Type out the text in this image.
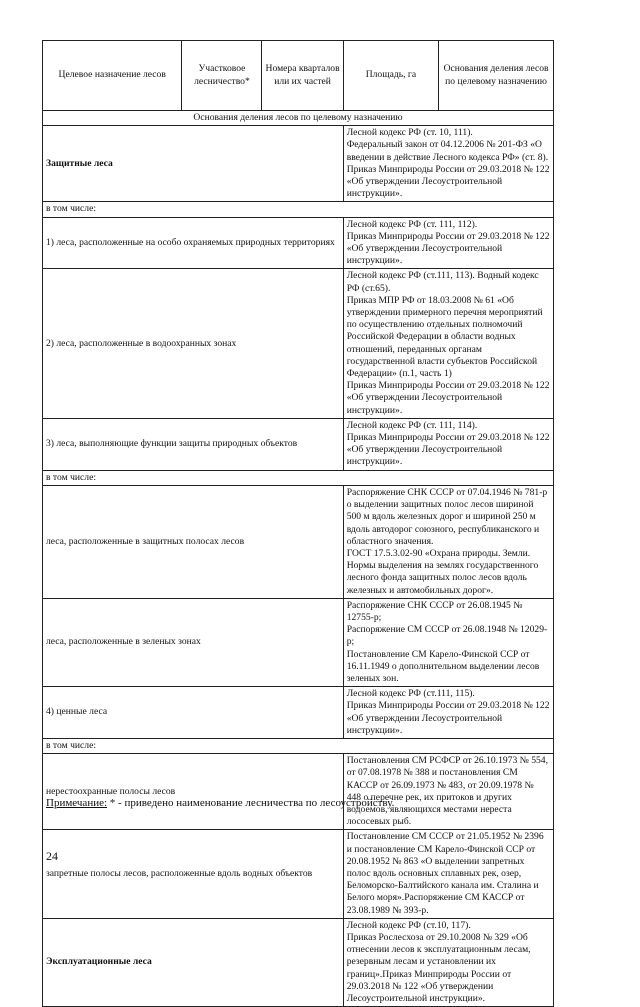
Целевое назначение лесов	Участковое лесничество*	Номера кварталов или их частей	Площадь, га	Основания деления лесов по целевому назначению
Основания деления лесов по целевому назначению				
Защитные леса			Лесной кодекс РФ (ст. 10, 111).
Федеральный закон от 04.12.2006 № 201-ФЗ «О введении в действие Лесного кодекса РФ» (ст. 8).
Приказ Минприроды России от 29.03.2018 № 122 «Об утверждении Лесоустроительной инструкции».	
в том числе:				
1) леса, расположенные на особо охраняемых природных территориях			Лесной кодекс РФ (ст. 111, 112).
Приказ Минприроды России от 29.03.2018 № 122 «Об утверждении Лесоустроительной инструкции».	
2) леса, расположенные в водоохранных зонах			Лесной кодекс РФ (ст.111, 113). Водный кодекс РФ (ст.65).
Приказ МПР РФ от 18.03.2008 № 61 «Об утверждении примерного перечня мероприятий по осуществлению отдельных полномочий Российской Федерации в области водных отношений, переданных органам государственной власти субъектов Российской Федерации» (п.1, часть 1)
Приказ Минприроды России от 29.03.2018 № 122 «Об утверждении Лесоустроительной инструкции».	
3) леса, выполняющие функции защиты природных объектов			Лесной кодекс РФ (ст. 111, 114).
Приказ Минприроды России от 29.03.2018 № 122 «Об утверждении Лесоустроительной инструкции».	
в том числе:				
леса, расположенные в защитных полосах лесов			Распоряжение СНК СССР от 07.04.1946 № 781-р о выделении защитных полос лесов шириной 500 м вдоль железных дорог и шириной 250 м вдоль автодорог союзного, республиканского и областного значения.
ГОСТ 17.5.3.02-90 «Охрана природы. Земли. Нормы выделения на землях государственного лесного фонда защитных полос лесов вдоль железных и автомобильных дорог».	
леса, расположенные в зеленых зонах			Распоряжение СНК СССР от 26.08.1945 № 12755-р;
Распоряжение СМ СССР от 26.08.1948 № 12029-р;
Постановление СМ Карело-Финской ССР от 16.11.1949 о дополнительном выделении лесов зеленых зон.	
4) ценные леса			Лесной кодекс РФ (ст.111, 115).
Приказ Минприроды России от 29.03.2018 № 122 «Об утверждении Лесоустроительной инструкции».	
в том числе:				
нерестоохранные полосы лесов			Постановления СМ РСФСР от 26.10.1973 № 554, от 07.08.1978 № 388 и постановления СМ КАССР от 26.09.1973 № 483, от 20.09.1978 № 448 о перечне рек, их притоков и других водоемов, являющихся местами нереста лососевых рыб.	
запретные полосы лесов, расположенные вдоль водных объектов			Постановление СМ СССР от 21.05.1952 № 2396 и постановление СМ Карело-Финской ССР от 20.08.1952 № 863 «О выделении запретных полос вдоль основных сплавных рек, озер, Беломорско-Балтийского канала им. Сталина и Белого моря».Распоряжение СМ КАССР от 23.08.1989 № 393-р.	
Эксплуатационные леса			Лесной кодекс РФ (ст.10, 117).
Приказ Рослесхоза от 29.10.2008 № 329 «Об отнесении лесов к эксплуатационным лесам, резервным лесам и установлении их границ».Приказ Минприроды России от 29.03.2018 № 122 «Об утверждении Лесоустроительной инструкции».	
Примечание: * - приведено наименование лесничества по лесоустройству.
24
